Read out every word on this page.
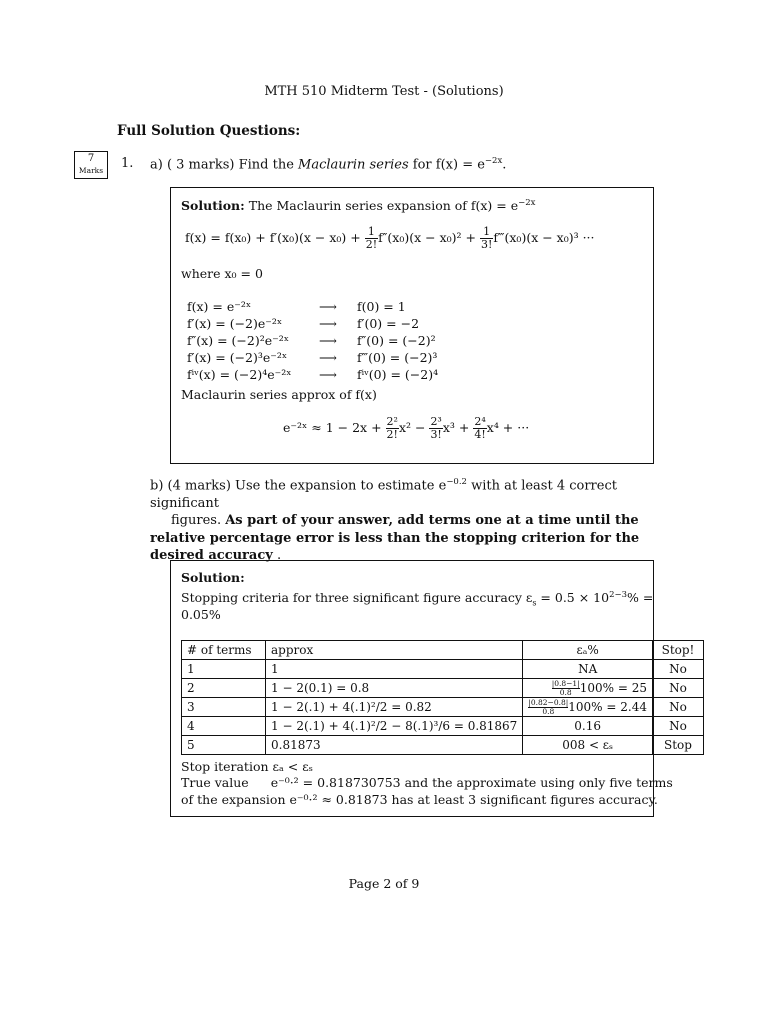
MTH 510 Midterm Test - (Solutions)
Full Solution Questions:
7
Marks	1. a) ( 3 marks) Find the Maclaurin series for $f(x) = e^{-2x}$.
Solution: The Maclaurin series expansion of $f(x) = e^{-2x}$
$f(x) = f(x_0) + f'(x_0)(x - x_0) + \frac{1}{2!} f''(x_0)(x - x_0)^2 + \frac{1}{3!}$ f‴(x₀)(x − x₀)³ ···
where x₀ = 0
f(x) = e⁻²ˣ	⟶ f(0) = 1
f′(x) = (−2)e⁻²ˣ	⟶ f′(0) = −2
f″(x) = (−2)²e⁻²ˣ ⟶ f″(0) = (−2)²
f′(x) = (−2)³e⁻²ˣ	⟶ f‴(0) = (−2)³
fⁱᵛ(x) = (−2)⁴e⁻²ˣ ⟶ fⁱᵛ(0) = (−2)⁴
Maclaurin series approx of f(x)
e⁻²ˣ ≈ $1 - 2x + \frac{\text{2²}}{2!} x^2 - \frac{\text{2³}}{3!} x^3 + \frac{\text{2⁴}}{4!} x^4$ + ···
b) (4 marks) Use the expansion to estimate $e^{-0.2}$ with at least 4 correct significant
figures. As part of your answer, add terms one at a time until the relative percentage error is less than the stopping criterion for the desired accuracy .
Solution:
Stopping criteria for three significant figure accuracy $\varepsilon_s = 0.5 \times 10^{2-3}\%$ =
0.05%
Stop iteration εₐ < εₛ
True value e⁻⁰·² = 0.818730753 and the approximate using only five terms
of the expansion e⁻⁰·² ≈ 0.81873 has at least 3 significant figures accuracy.
# of terms	approx	εₐ%	Stop!
1	1	NA	No
2	1 − 2(0.1) = 0.8	$\frac{|0.8-1|}{0.8} 100\% = 25$	No
3	1 − 2(.1) + 4(.1)²/2 = 0.82	$\frac{|0.82-0.8|}{0.8} 100\% = 2.44$	No
4	1 − 2(.1) + 4(.1)²/2 − 8(.1)³/6 = 0.81867	0.16	No
5	0.81873	008 < εₛ	Stop
Page 2 of 9
